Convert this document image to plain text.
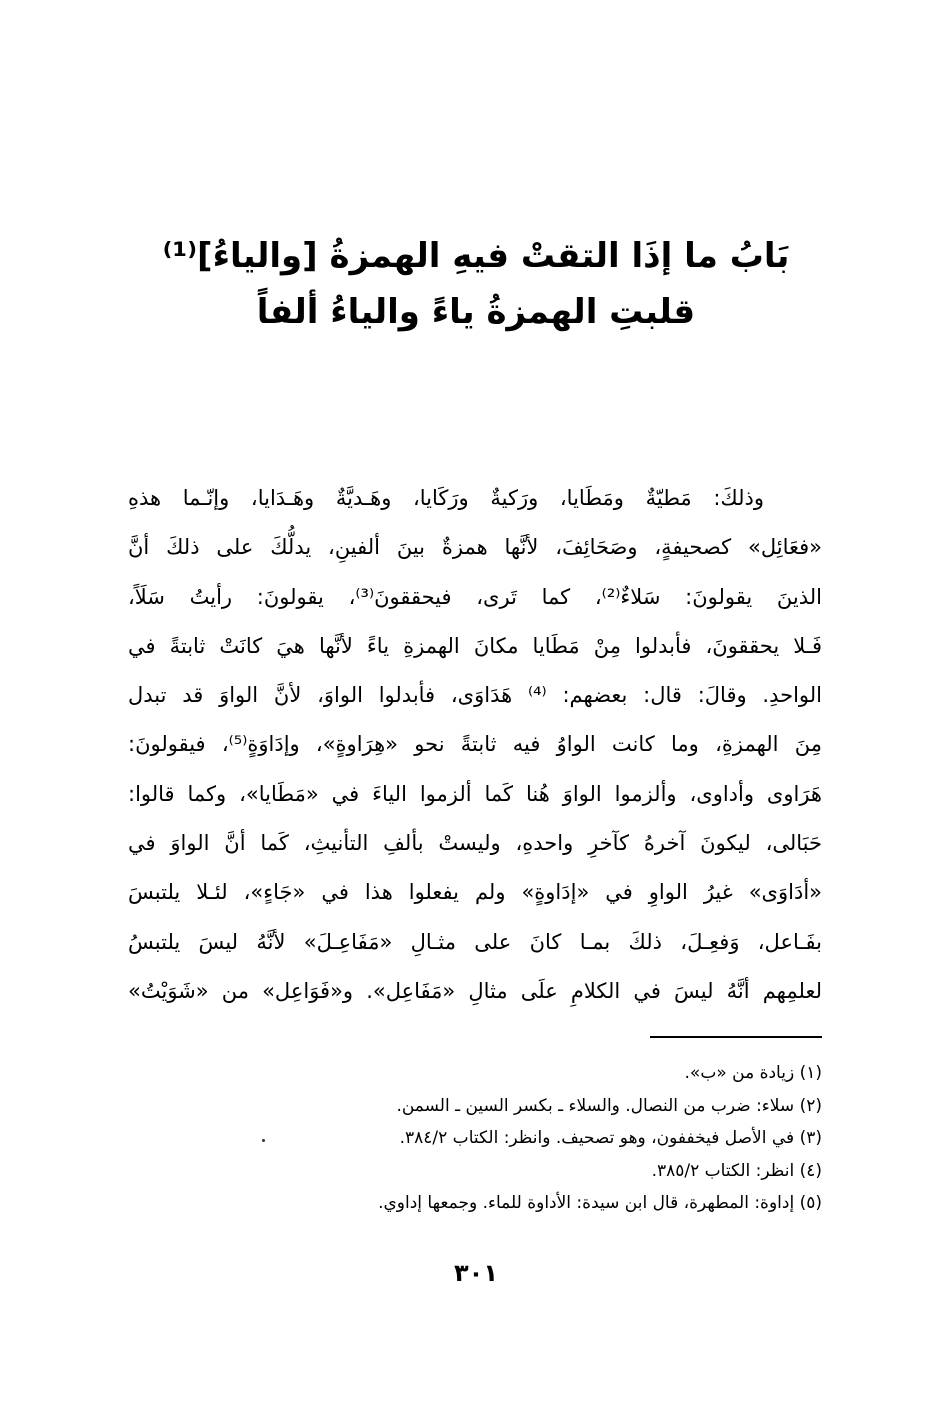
بَابُ ما إذَا التقتْ فيهِ الهمزةُ [والياءُ]⁽¹⁾
قلبتِ الهمزةُ ياءً والياءُ ألفاً
وذلكَ: مَطيّةٌ ومَطَايا، ورَكيةٌ ورَكَايا، وهَـديَّةٌ وهَـدَايا، وإنّـما هذهِ
«فعَائِل» كصحيفةٍ، وصَحَائِفَ، لأنَّها همزةٌ بينَ ألفينِ، يدلُّكَ على ذلكَ أنَّ
الذينَ يقولونَ: سَلاءٌ⁽²⁾، كما تَرى، فيحققونَ⁽³⁾، يقولونَ: رأيتُ سَلَاً،
فَـلا يحققونَ، فأبدلوا مِنْ مَطَايا مكانَ الهمزةِ ياءً لأنَّها هيَ كانَتْ ثابتةً في
الواحدِ. وقالَ: قال: بعضهم: ⁽⁴⁾ هَدَاوَى، فأبدلوا الواوَ، لأنَّ الواوَ قد تبدل
مِنَ الهمزةِ، وما كانت الواوُ فيه ثابتةً نحو «هِرَاوةٍ»، وإدَاوَةٍ⁽⁵⁾، فيقولونَ:
هَرَاوى وأداوى، وألزموا الواوَ هُنا كَما ألزموا الياءَ في «مَطَايا»، وكما قالوا:
حَبَالى، ليكونَ آخرهُ كآخرِ واحدهِ، وليستْ بألفِ التأنيثِ، كَما أنَّ الواوَ في
«أدَاوَى» غيرُ الواوِ في «إدَاوةٍ» ولم يفعلوا هذا في «جَاءٍ»، لئـلا يلتبسَ
بفَـاعل، وَفعِـلَ، ذلكَ بمـا كانَ على مثـالِ «مَفَاعِـلَ» لأنَّهُ ليسَ يلتبسُ
لعلمِهم أنَّهُ ليسَ في الكلامِ علَى مثالِ «مَفَاعِل». و«فَوَاعِل» من «شَوَيْتُ»
(١) زيادة من «ب».
(٢) سلاء: ضرب من النصال. والسلاء ـ بكسر السين ـ السمن.
(٣) في الأصل فيخففون، وهو تصحيف. وانظر: الكتاب ٣٨٤/٢.
(٤) انظر: الكتاب ٣٨٥/٢.
(٥) إداوة: المطهرة، قال ابن سيدة: الأداوة للماء. وجمعها إداوي.
٣٠١
